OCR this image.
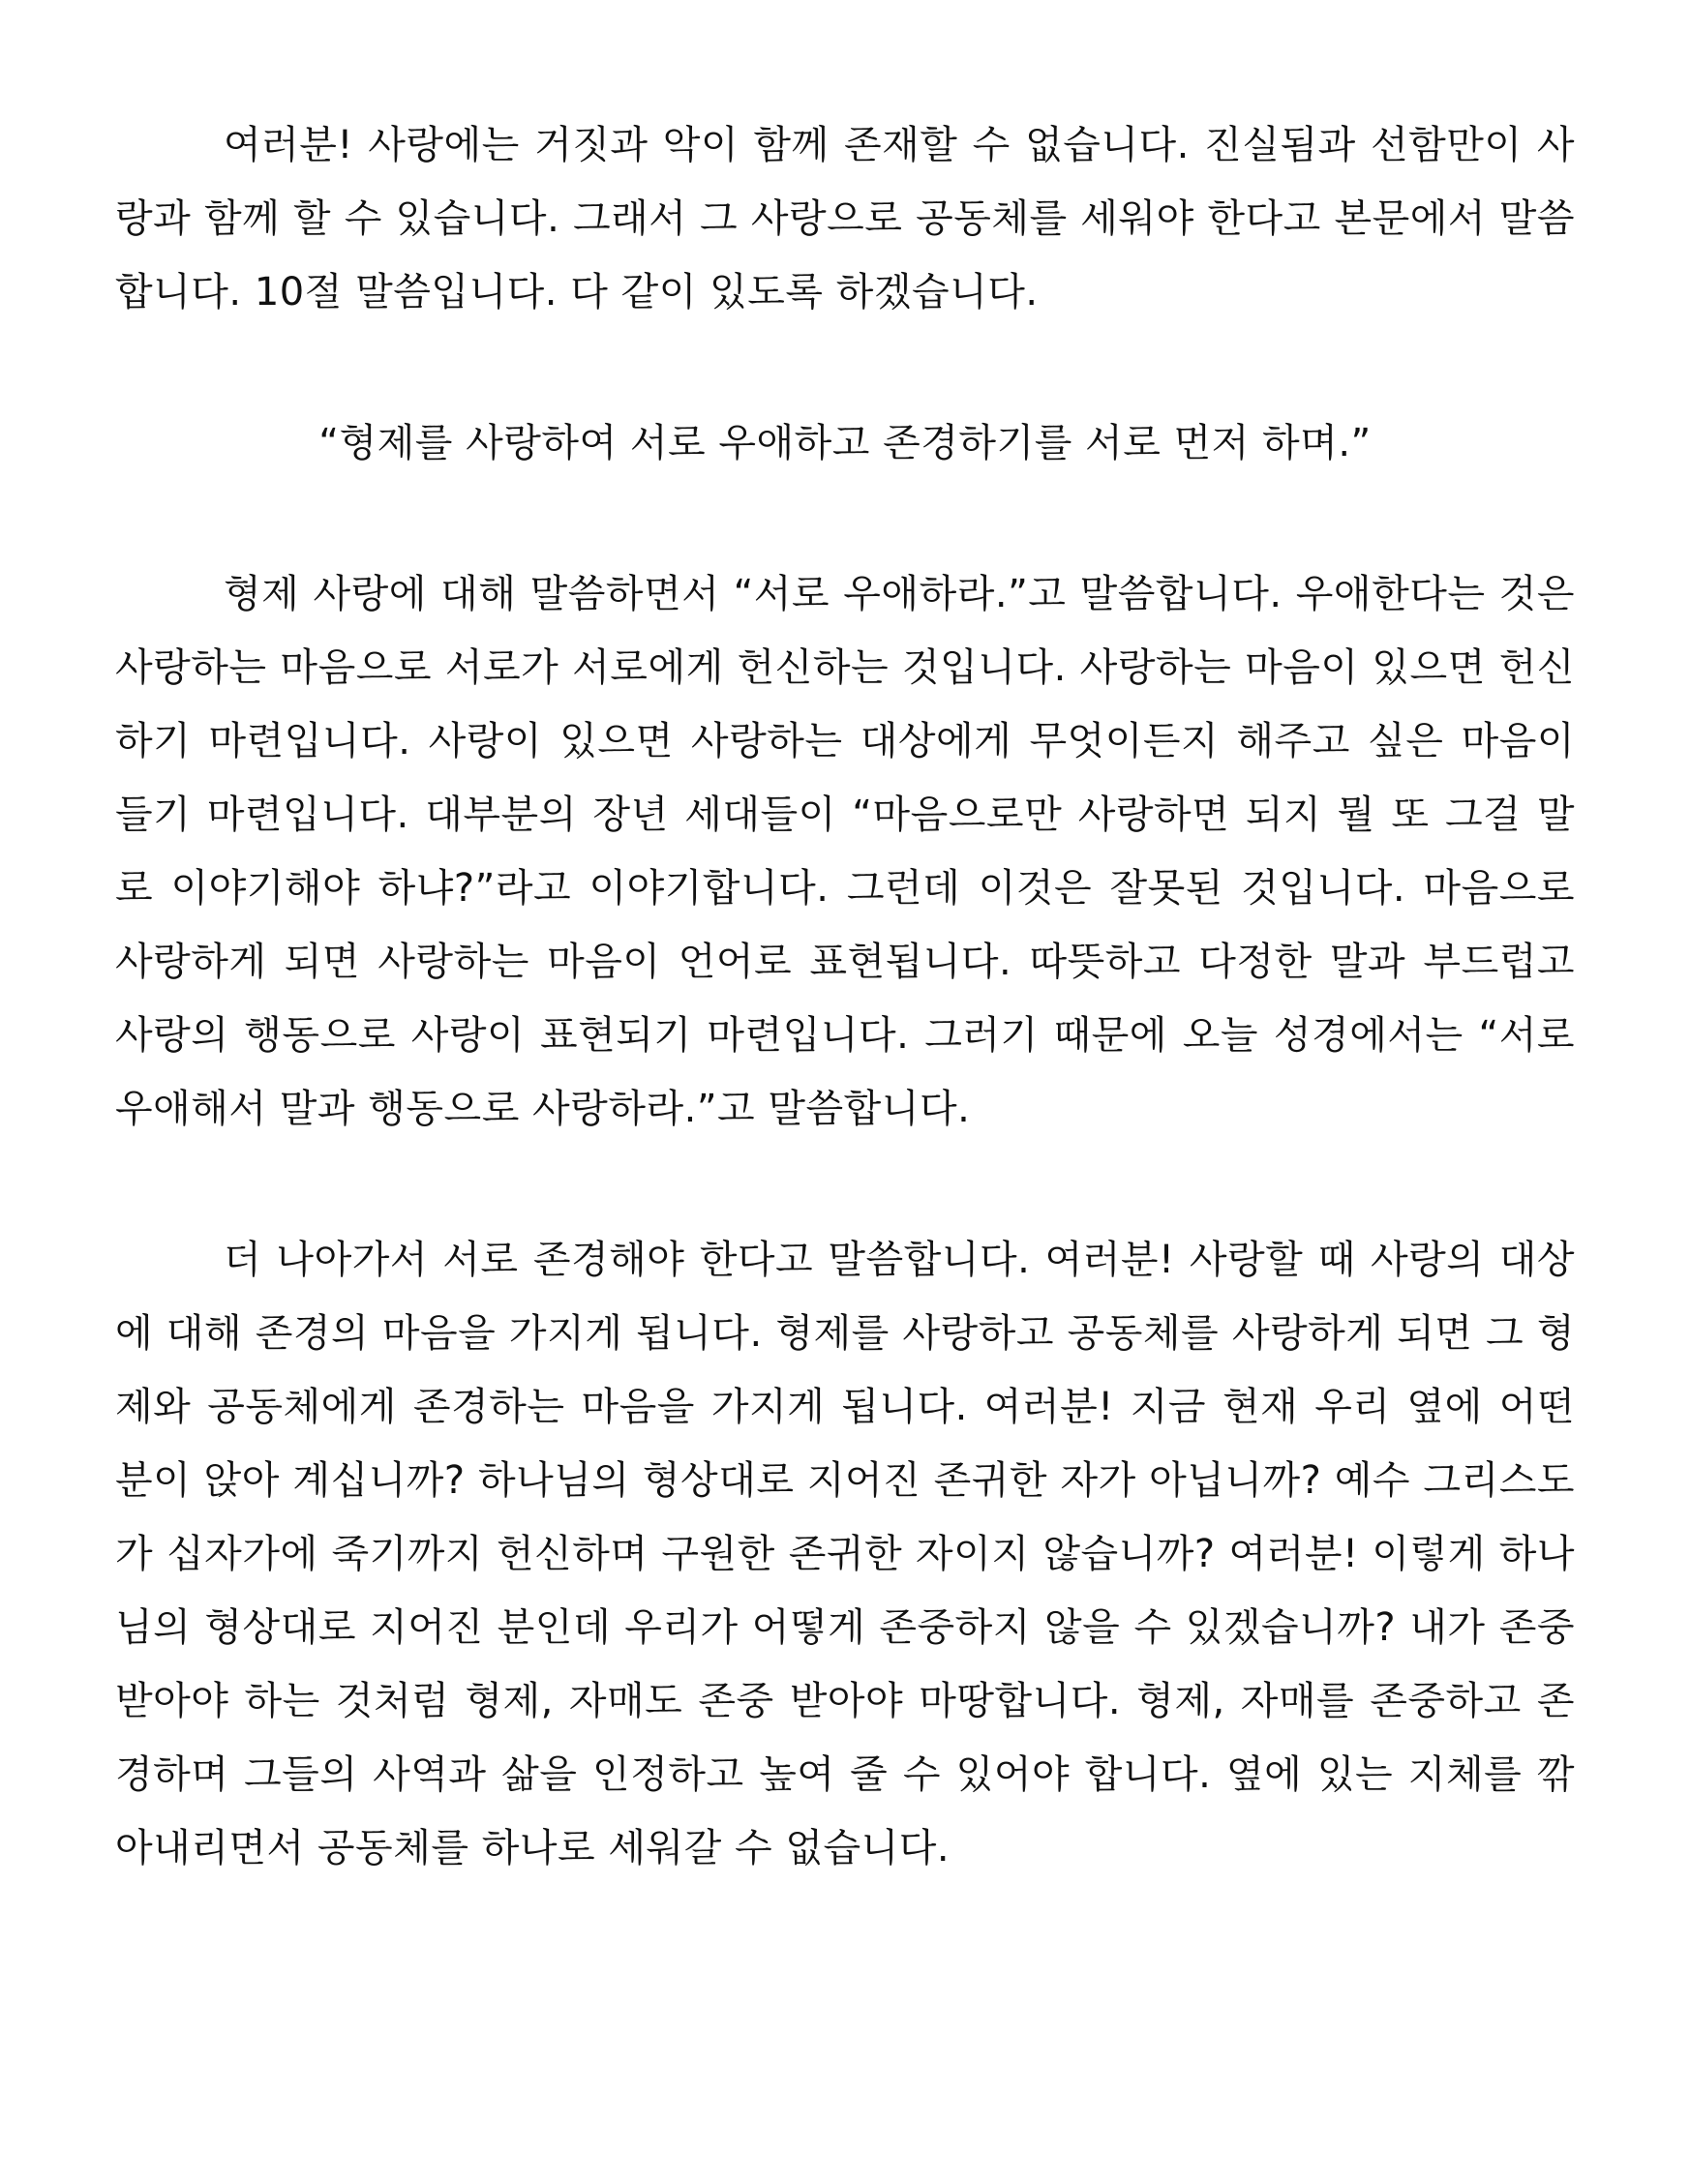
여러분! 사랑에는 거짓과 악이 함께 존재할 수 없습니다. 진실됨과 선함만이 사랑과 함께 할 수 있습니다. 그래서 그 사랑으로 공동체를 세워야 한다고 본문에서 말씀합니다. 10절 말씀입니다. 다 같이 있도록 하겠습니다.

“형제를 사랑하여 서로 우애하고 존경하기를 서로 먼저 하며.”

형제 사랑에 대해 말씀하면서 “서로 우애하라.”고 말씀합니다. 우애한다는 것은 사랑하는 마음으로 서로가 서로에게 헌신하는 것입니다. 사랑하는 마음이 있으면 헌신하기 마련입니다. 사랑이 있으면 사랑하는 대상에게 무엇이든지 해주고 싶은 마음이 들기 마련입니다. 대부분의 장년 세대들이 “마음으로만 사랑하면 되지 뭘 또 그걸 말로 이야기해야 하냐?”라고 이야기합니다. 그런데 이것은 잘못된 것입니다. 마음으로 사랑하게 되면 사랑하는 마음이 언어로 표현됩니다. 따뜻하고 다정한 말과 부드럽고 사랑의 행동으로 사랑이 표현되기 마련입니다. 그러기 때문에 오늘 성경에서는 “서로 우애해서 말과 행동으로 사랑하라.”고 말씀합니다.

더 나아가서 서로 존경해야 한다고 말씀합니다. 여러분! 사랑할 때 사랑의 대상에 대해 존경의 마음을 가지게 됩니다. 형제를 사랑하고 공동체를 사랑하게 되면 그 형제와 공동체에게 존경하는 마음을 가지게 됩니다. 여러분! 지금 현재 우리 옆에 어떤 분이 앉아 계십니까? 하나님의 형상대로 지어진 존귀한 자가 아닙니까? 예수 그리스도가 십자가에 죽기까지 헌신하며 구원한 존귀한 자이지 않습니까? 여러분! 이렇게 하나님의 형상대로 지어진 분인데 우리가 어떻게 존중하지 않을 수 있겠습니까? 내가 존중 받아야 하는 것처럼 형제, 자매도 존중 받아야 마땅합니다. 형제, 자매를 존중하고 존경하며 그들의 사역과 삶을 인정하고 높여 줄 수 있어야 합니다. 옆에 있는 지체를 깎아내리면서 공동체를 하나로 세워갈 수 없습니다.
